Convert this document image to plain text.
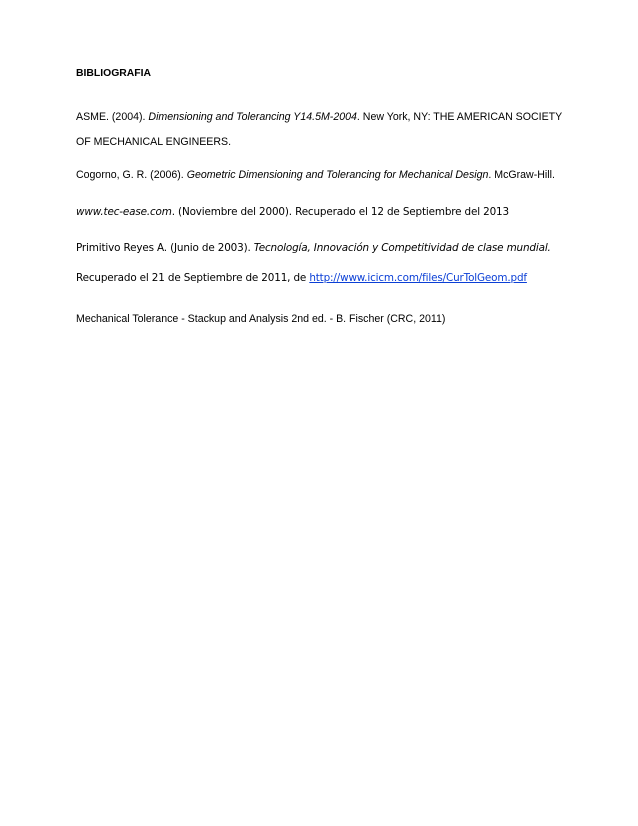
BIBLIOGRAFIA
ASME. (2004). Dimensioning and Tolerancing Y14.5M-2004. New York, NY: THE AMERICAN SOCIETY
OF MECHANICAL ENGINEERS.
Cogorno, G. R. (2006). Geometric Dimensioning and Tolerancing for Mechanical Design. McGraw-Hill.
www.tec-ease.com. (Noviembre del 2000). Recuperado el 12 de Septiembre del 2013
Primitivo Reyes A. (Junio de 2003). Tecnología, Innovación y Competitividad de clase mundial.
Recuperado el 21 de Septiembre de 2011, de http://www.icicm.com/files/CurTolGeom.pdf
Mechanical Tolerance - Stackup and Analysis 2nd ed. - B. Fischer (CRC, 2011)
